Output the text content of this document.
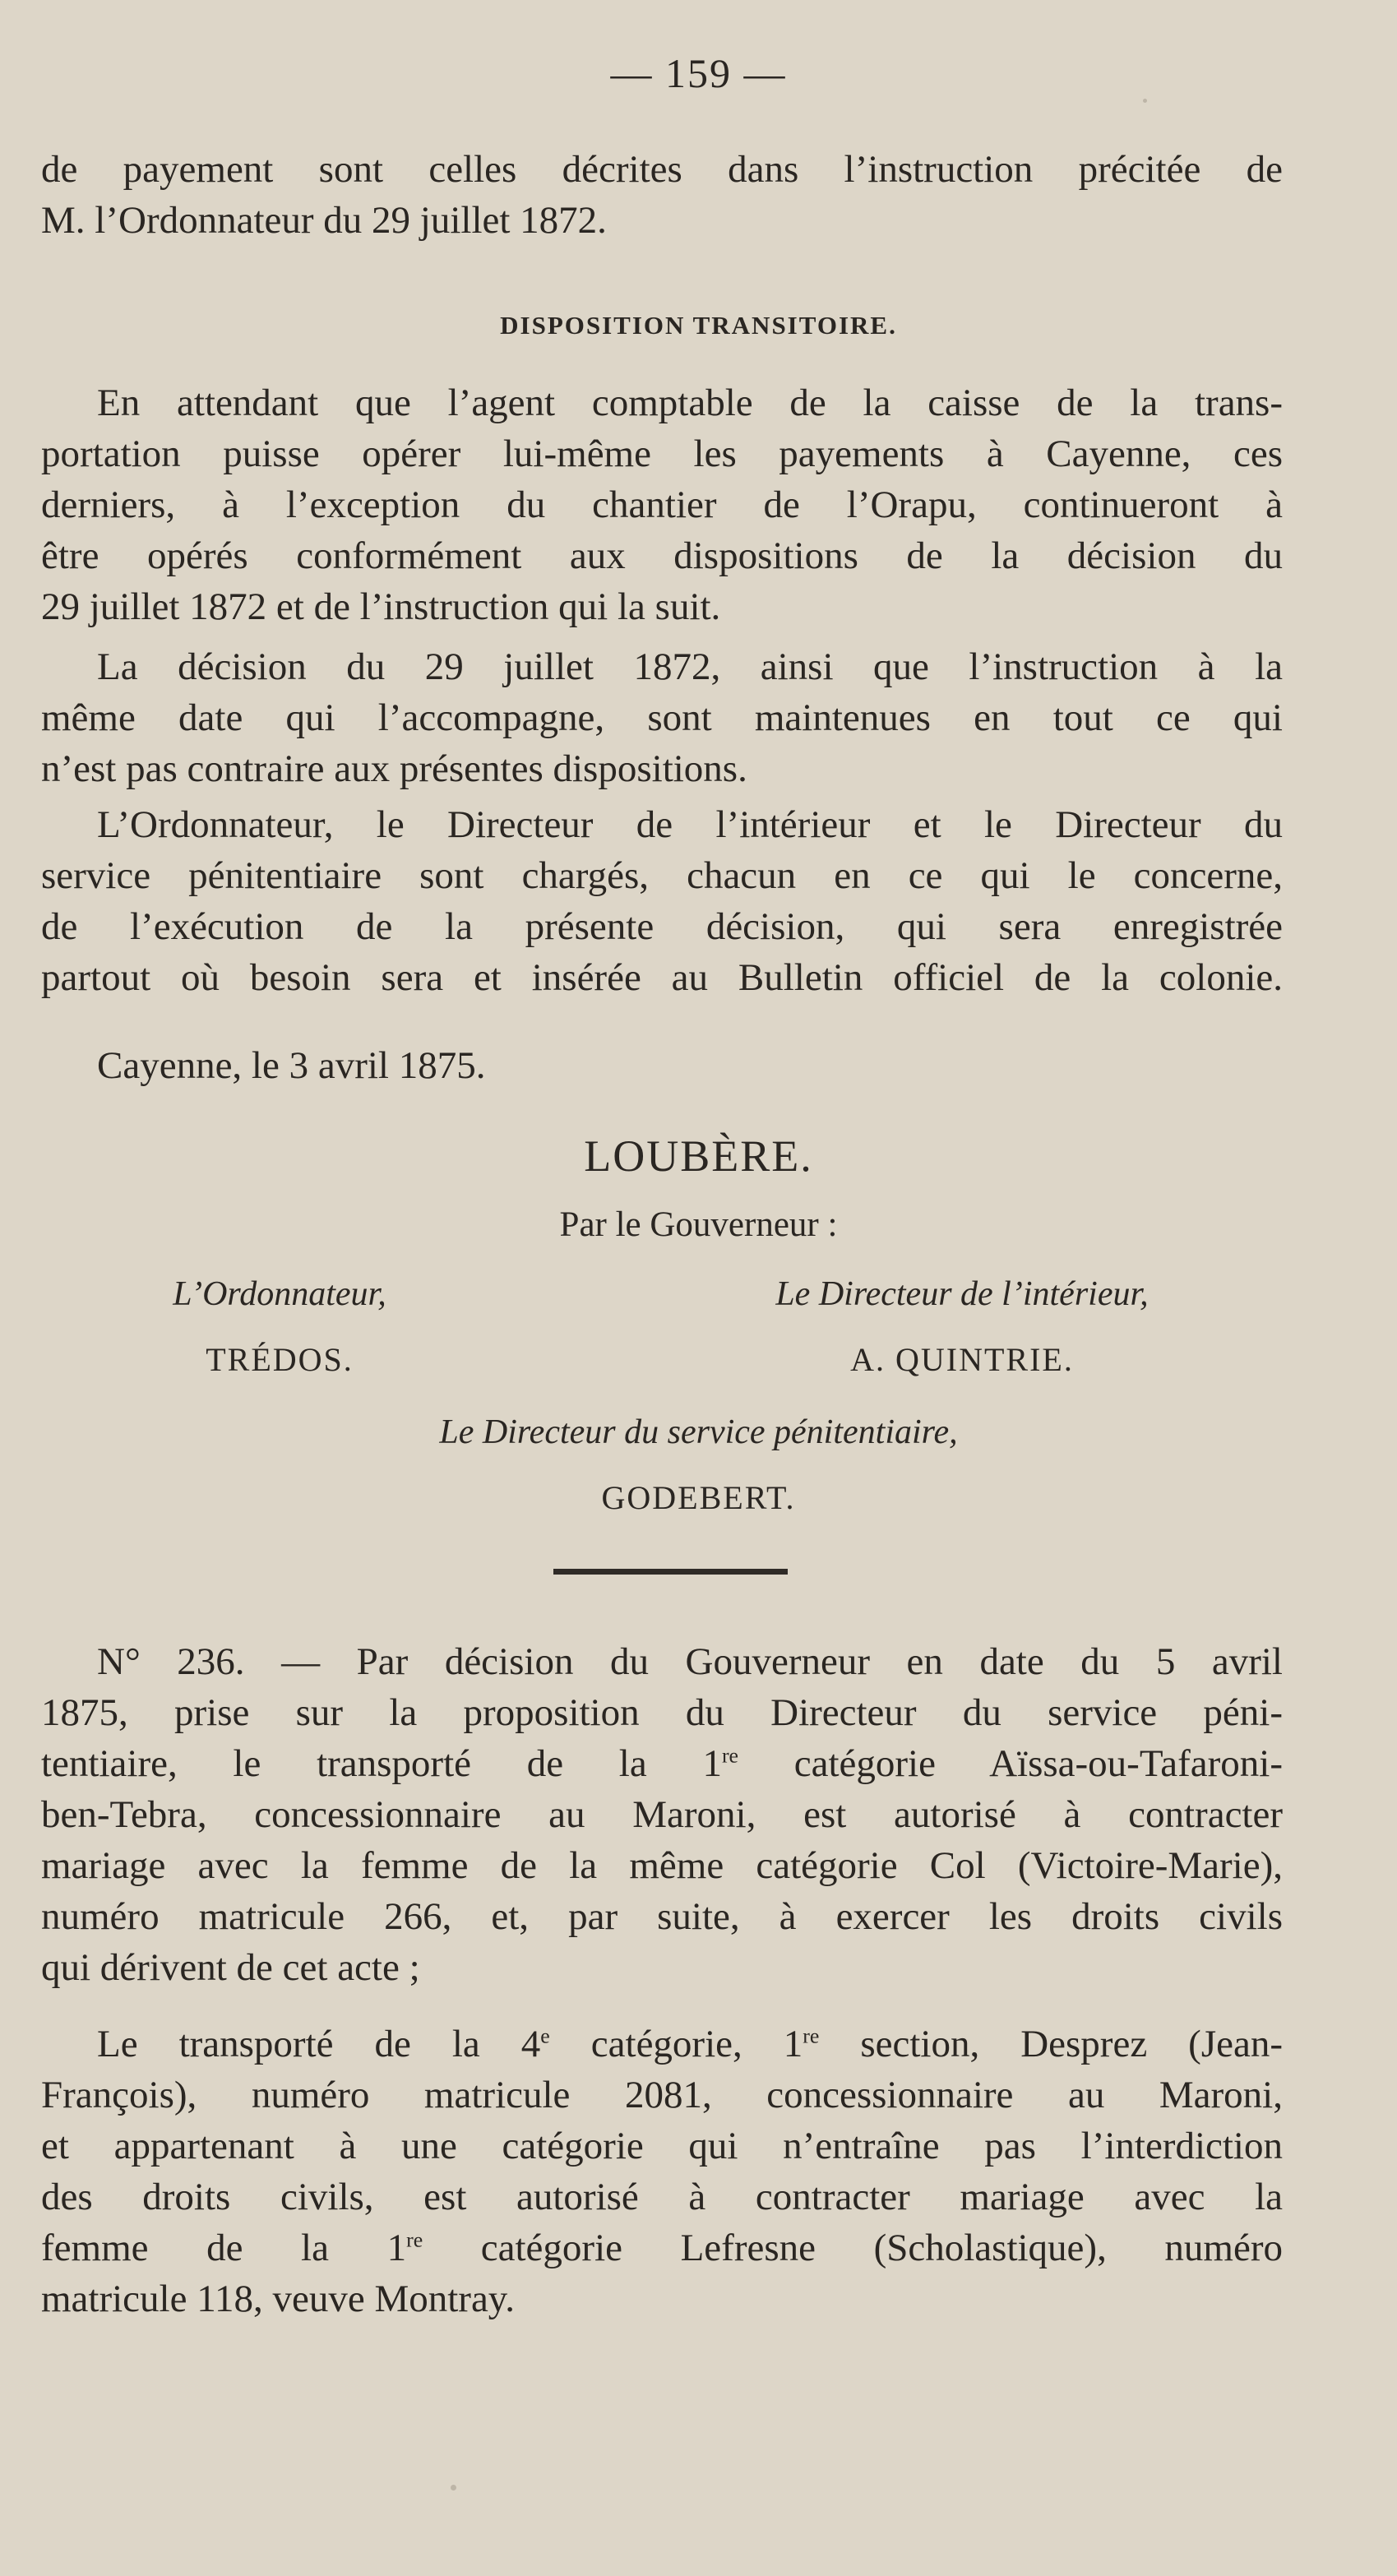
— 159 —

de payement sont celles décrites dans l’instruction précitée de
M. l’Ordonnateur du 29 juillet 1872.

DISPOSITION TRANSITOIRE.

En attendant que l’agent comptable de la caisse de la trans-
portation puisse opérer lui-même les payements à Cayenne, ces
derniers, à l’exception du chantier de l’Orapu, continueront à
être opérés conformément aux dispositions de la décision du
29 juillet 1872 et de l’instruction qui la suit.

La décision du 29 juillet 1872, ainsi que l’instruction à la
même date qui l’accompagne, sont maintenues en tout ce qui
n’est pas contraire aux présentes dispositions.

L’Ordonnateur, le Directeur de l’intérieur et le Directeur du
service pénitentiaire sont chargés, chacun en ce qui le concerne,
de l’exécution de la présente décision, qui sera enregistrée
partout où besoin sera et insérée au Bulletin officiel de la colonie.

Cayenne, le 3 avril 1875.
LOUBÈRE.
Par le Gouverneur :
L’Ordonnateur,
TRÉDOS.
Le Directeur de l’intérieur,
A. QUINTRIE.
Le Directeur du service pénitentiaire,
GODEBERT.

N° 236. — Par décision du Gouverneur en date du 5 avril
1875, prise sur la proposition du Directeur du service péni-
tentiaire, le transporté de la 1re catégorie Aïssa-ou-Tafaroni-
ben-Tebra, concessionnaire au Maroni, est autorisé à contracter
mariage avec la femme de la même catégorie Col (Victoire-Marie),
numéro matricule 266, et, par suite, à exercer les droits civils
qui dérivent de cet acte ;

Le transporté de la 4e catégorie, 1re section, Desprez (Jean-
François), numéro matricule 2081, concessionnaire au Maroni,
et appartenant à une catégorie qui n’entraîne pas l’interdiction
des droits civils, est autorisé à contracter mariage avec la
femme de la 1re catégorie Lefresne (Scholastique), numéro
matricule 118, veuve Montray.
